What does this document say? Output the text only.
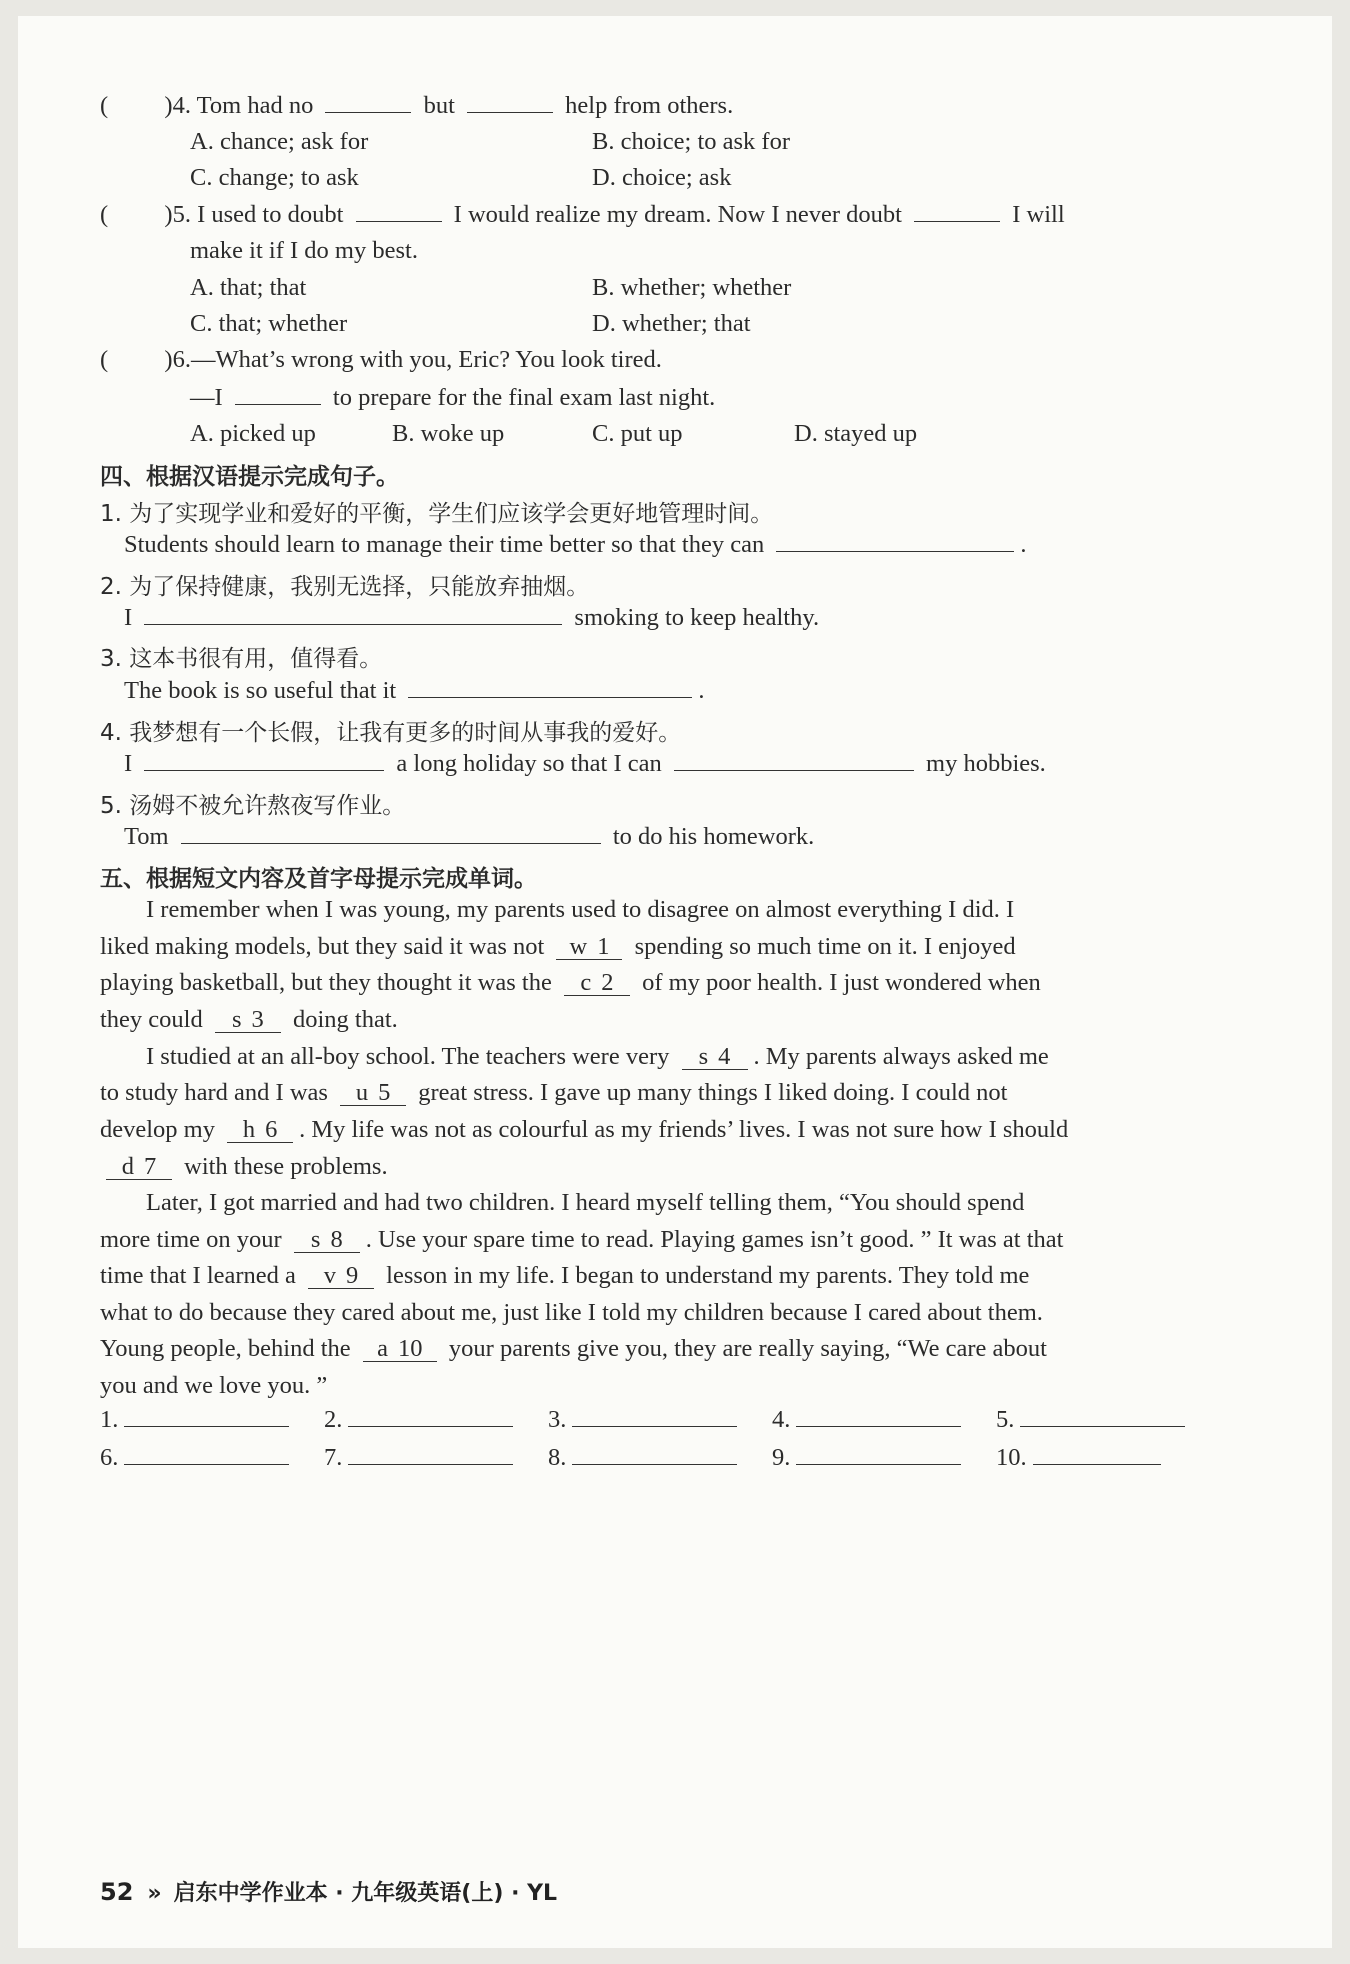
( )4. Tom had no	but	help from others.
A. chance; ask for	B. choice; to ask for
C. change; to ask	D. choice; ask
( )5. I used to doubt	I would realize my dream. Now I never doubt	I will
make it if I do my best.
A. that; that	B. whether; whether
C. that; whether	D. whether; that
( )6.—What’s wrong with you, Eric? You look tired.
—I	to prepare for the final exam last night.
A. picked up	B. woke up	C. put up	D. stayed up
四、根据汉语提示完成句子。
1. 为了实现学业和爱好的平衡，学生们应该学会更好地管理时间。
Students should learn to manage their time better so that they can	.
2. 为了保持健康，我别无选择，只能放弃抽烟。
I	smoking to keep healthy.
3. 这本书很有用，值得看。
The book is so useful that it	.
4. 我梦想有一个长假，让我有更多的时间从事我的爱好。
I	a long holiday so that I can	my hobbies.
5. 汤姆不被允许熬夜写作业。
Tom	to do his homework.
五、根据短文内容及首字母提示完成单词。
I remember when I was young, my parents used to disagree on almost everything I did. I
liked making models, but they said it was not w 1 spending so much time on it. I enjoyed
playing basketball, but they thought it was the c 2 of my poor health. I just wondered when
they could s 3 doing that.
I studied at an all-boy school. The teachers were very s 4 . My parents always asked me
to study hard and I was u 5 great stress. I gave up many things I liked doing. I could not
develop my h 6 . My life was not as colourful as my friends’ lives. I was not sure how I should
d 7 with these problems.
Later, I got married and had two children. I heard myself telling them, “You should spend
more time on your s 8 . Use your spare time to read. Playing games isn’t good. ” It was at that
time that I learned a v 9 lesson in my life. I began to understand my parents. They told me
what to do because they cared about me, just like I told my children because I cared about them.
Young people, behind the a 10 your parents give you, they are really saying, “We care about
you and we love you. ”
1.	2.	3.	4.	5.
6.	7.	8.	9.	10.
52 » 启东中学作业本 · 九年级英语(上) · YL
